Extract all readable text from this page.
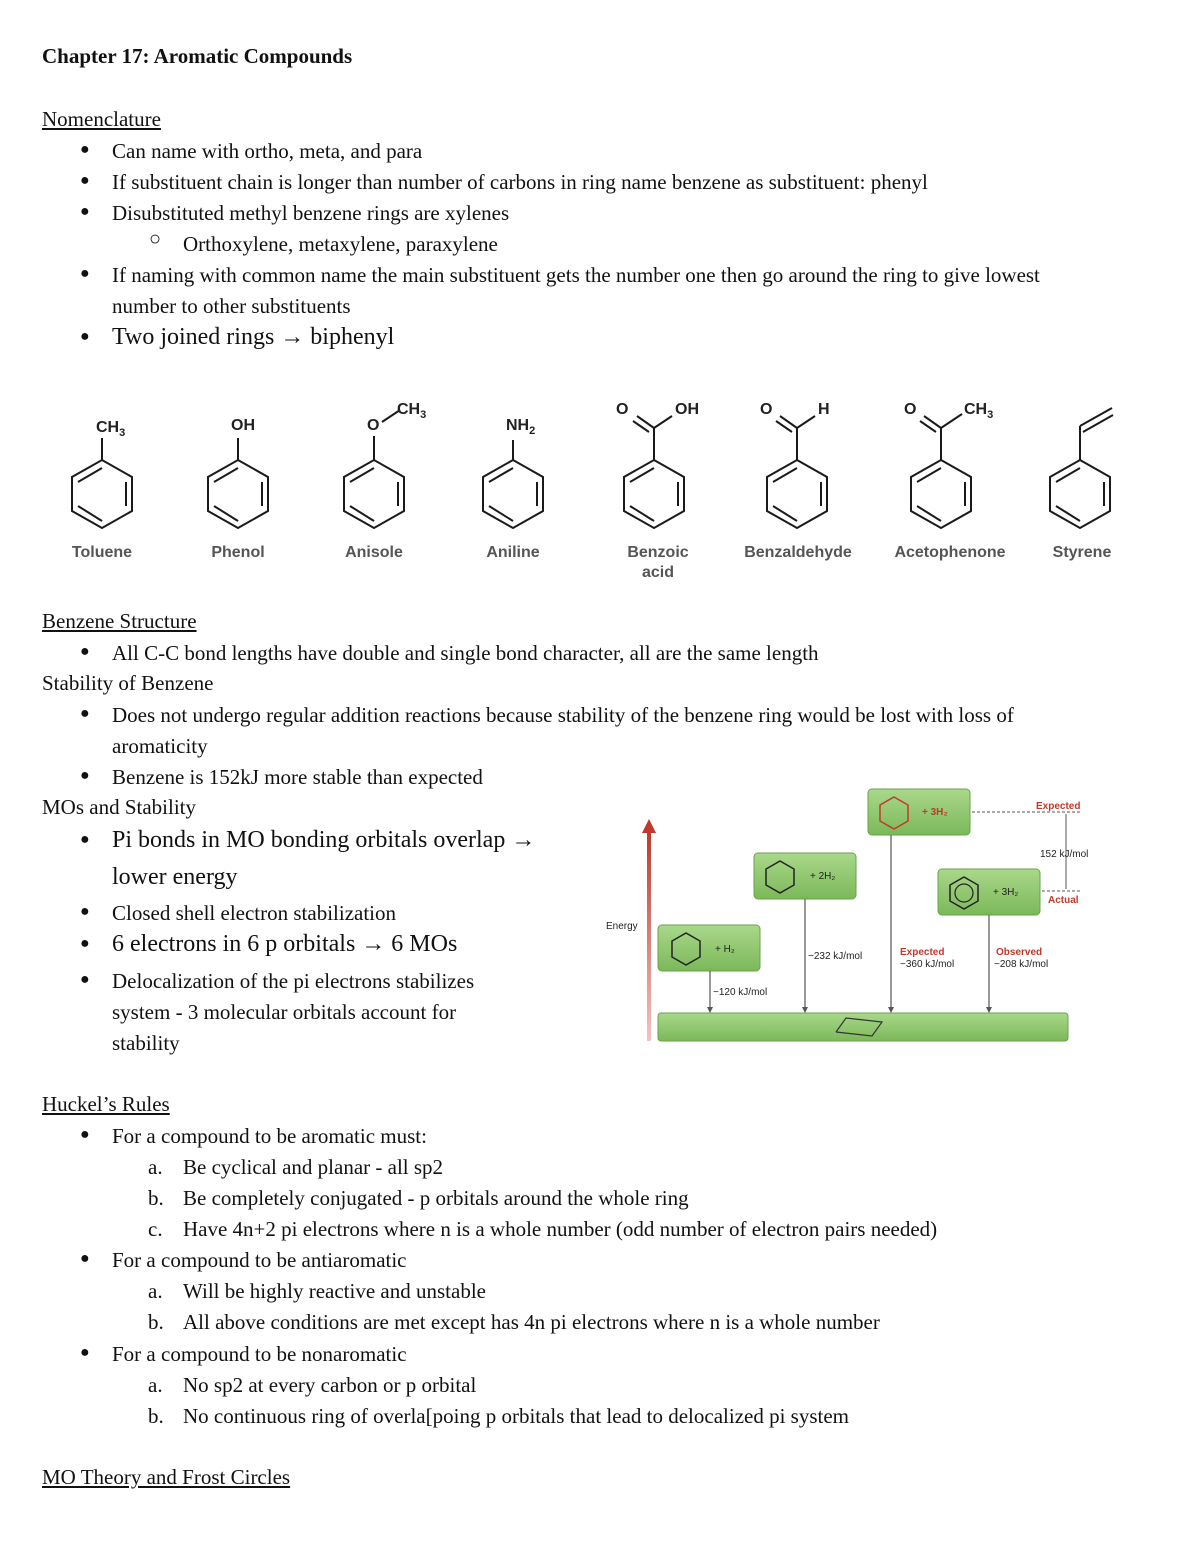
Chapter 17: Aromatic Compounds
Nomenclature
● Can name with ortho, meta, and para
● If substituent chain is longer than number of carbons in ring name benzene as substituent: phenyl
● Disubstituted methyl benzene rings are xylenes
○ Orthoxylene, metaxylene, paraxylene
● If naming with common name the main substituent gets the number one then go around the ring to give lowest
number to other substituents
● Two joined rings → biphenyl
$CH_3$	OH	O
$CH_3$
$NH_2$
O	OH	O	H	O	$CH_3$
Toluene	Phenol	Anisole	Aniline	Benzoic
acid
Benzaldehyde	Acetophenone	Styrene
Benzene Structure
● All C-C bond lengths have double and single bond character, all are the same length
Stability of Benzene
● Does not undergo regular addition reactions because stability of the benzene ring would be lost with loss of
aromaticity
● Benzene is 152kJ more stable than expected
MOs and Stability
● Pi bonds in MO bonding orbitals overlap →
lower energy
● Closed shell electron stabilization
● 6 electrons in 6 p orbitals → 6 MOs
● Delocalization of the pi electrons stabilizes
system - 3 molecular orbitals account for
stability
Energy
+ H₂
−120 kJ/mol
+ 2H₂
−232 kJ/mol
+ 3H₂
Expected
−360 kJ/mol
+ 3H₂
Observed
−208 kJ/mol
Expected
152 kJ/mol
Actual
Huckel’s Rules
● For a compound to be aromatic must:
a. Be cyclical and planar - all sp2
b. Be completely conjugated - p orbitals around the whole ring
c. Have 4n+2 pi electrons where n is a whole number (odd number of electron pairs needed)
● For a compound to be antiaromatic
a. Will be highly reactive and unstable
b. All above conditions are met except has 4n pi electrons where n is a whole number
● For a compound to be nonaromatic
a. No sp2 at every carbon or p orbital
b. No continuous ring of overla[poing p orbitals that lead to delocalized pi system
MO Theory and Frost Circles
